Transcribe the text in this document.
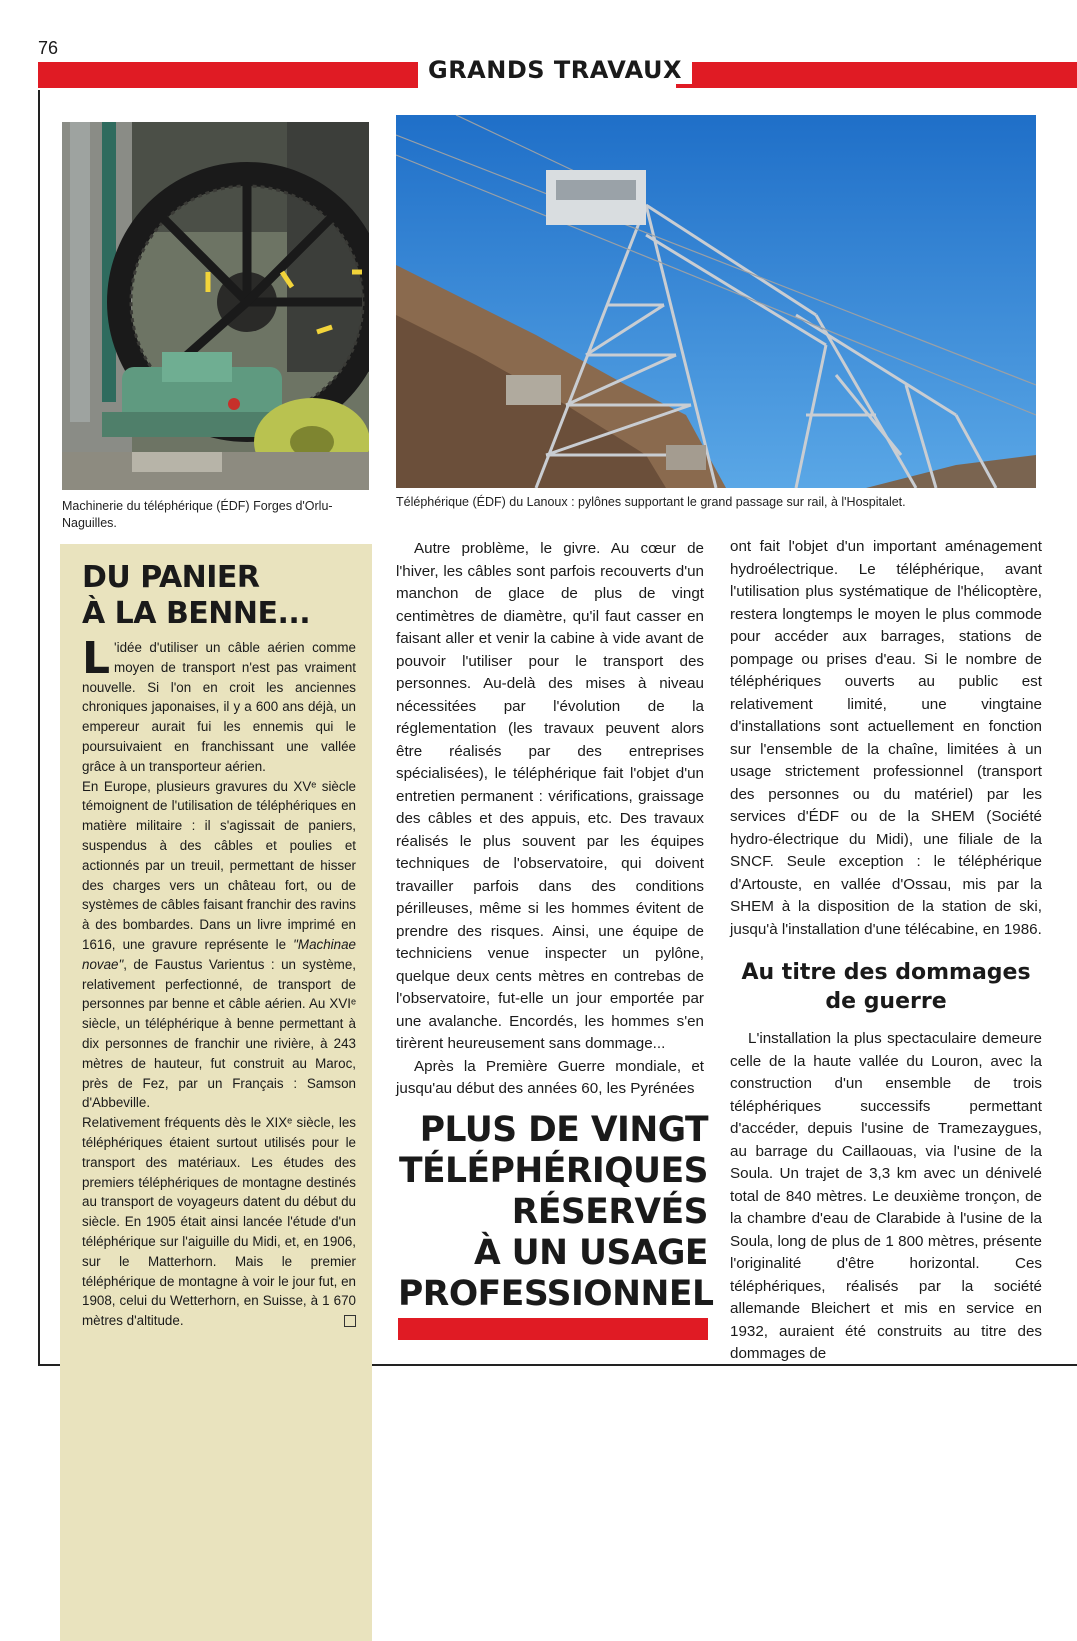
76
GRANDS TRAVAUX
Machinerie du téléphérique (ÉDF) Forges d'Orlu-Naguilles.
Téléphérique (ÉDF) du Lanoux : pylônes supportant le grand passage sur rail, à l'Hospitalet.
DU PANIER
À LA BENNE...

L 'idée d'utiliser un câble aérien comme moyen de transport n'est pas vraiment nouvelle. Si l'on en croit les anciennes chroniques japonaises, il y a 600 ans déjà, un empereur aurait fui les ennemis qui le poursuivaient en franchissant une vallée grâce à un transporteur aérien.

En Europe, plusieurs gravures du XVᵉ siècle témoignent de l'utilisation de téléphériques en matière militaire : il s'agissait de paniers, suspendus à des câbles et poulies et actionnés par un treuil, permettant de hisser des charges vers un château fort, ou de systèmes de câbles faisant franchir des ravins à des bombardes. Dans un livre imprimé en 1616, une gravure représente le "Machinae novae", de Faustus Varientus : un système, relativement perfectionné, de transport de personnes par benne et câble aérien. Au XVIᵉ siècle, un téléphérique à benne permettant à dix personnes de franchir une rivière, à 243 mètres de hauteur, fut construit au Maroc, près de Fez, par un Français : Samson d'Abbeville.

Relativement fréquents dès le XIXᵉ siècle, les téléphériques étaient surtout utilisés pour le transport des matériaux. Les études des premiers téléphériques de montagne destinés au transport de voyageurs datent du début du siècle. En 1905 était ainsi lancée l'étude d'un téléphérique sur l'aiguille du Midi, et, en 1906, sur le Matterhorn. Mais le premier téléphérique de montagne à voir le jour fut, en 1908, celui du Wetterhorn, en Suisse, à 1 670 mètres d'altitude.

Autre problème, le givre. Au cœur de l'hiver, les câbles sont parfois recouverts d'un manchon de glace de plus de vingt centimètres de diamètre, qu'il faut casser en faisant aller et venir la cabine à vide avant de pouvoir l'utiliser pour le transport des personnes. Au-delà des mises à niveau nécessitées par l'évolution de la réglementation (les travaux peuvent alors être réalisés par des entreprises spécialisées), le téléphérique fait l'objet d'un entretien permanent : vérifications, graissage des câbles et des appuis, etc. Des travaux réalisés le plus souvent par les équipes techniques de l'observatoire, qui doivent travailler parfois dans des conditions périlleuses, même si les hommes évitent de prendre des risques. Ainsi, une équipe de techniciens venue inspecter un pylône, quelque deux cents mètres en contrebas de l'observatoire, fut-elle un jour emportée par une avalanche. Encordés, les hommes s'en tirèrent heureusement sans dommage...

Après la Première Guerre mondiale, et jusqu'au début des années 60, les Pyrénées

PLUS DE VINGT
TÉLÉPHÉRIQUES
RÉSERVÉS
À UN USAGE
PROFESSIONNEL

ont fait l'objet d'un important aménagement hydroélectrique. Le téléphérique, avant l'utilisation plus systématique de l'hélicoptère, restera longtemps le moyen le plus commode pour accéder aux barrages, stations de pompage ou prises d'eau. Si le nombre de téléphériques ouverts au public est relativement limité, une vingtaine d'installations sont actuellement en fonction sur l'ensemble de la chaîne, limitées à un usage strictement professionnel (transport des personnes ou du matériel) par les services d'ÉDF ou de la SHEM (Société hydro-électrique du Midi), une filiale de la SNCF. Seule exception : le téléphérique d'Artouste, en vallée d'Ossau, mis par la SHEM à la disposition de la station de ski, jusqu'à l'installation d'une télécabine, en 1986.

Au titre des dommages
de guerre

L'installation la plus spectaculaire demeure celle de la haute vallée du Louron, avec la construction d'un ensemble de trois téléphériques successifs permettant d'accéder, depuis l'usine de Tramezaygues, au barrage du Caillaouas, via l'usine de la Soula. Un trajet de 3,3 km avec un dénivelé total de 840 mètres. Le deuxième tronçon, de la chambre d'eau de Clarabide à l'usine de la Soula, long de plus de 1 800 mètres, présente l'originalité d'être horizontal. Ces téléphériques, réalisés par la société allemande Bleichert et mis en service en 1932, auraient été construits au titre des dommages de
